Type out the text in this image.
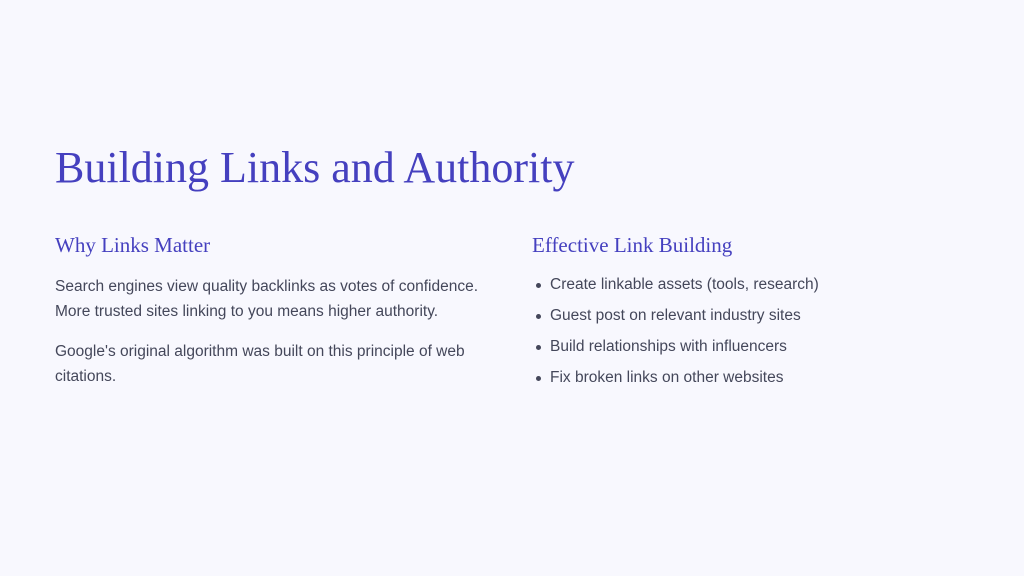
Building Links and Authority
Why Links Matter

Search engines view quality backlinks as votes of confidence. More trusted sites linking to you means higher authority.

Google's original algorithm was built on this principle of web citations.

Effective Link Building
Create linkable assets (tools, research)
Guest post on relevant industry sites
Build relationships with influencers
Fix broken links on other websites
